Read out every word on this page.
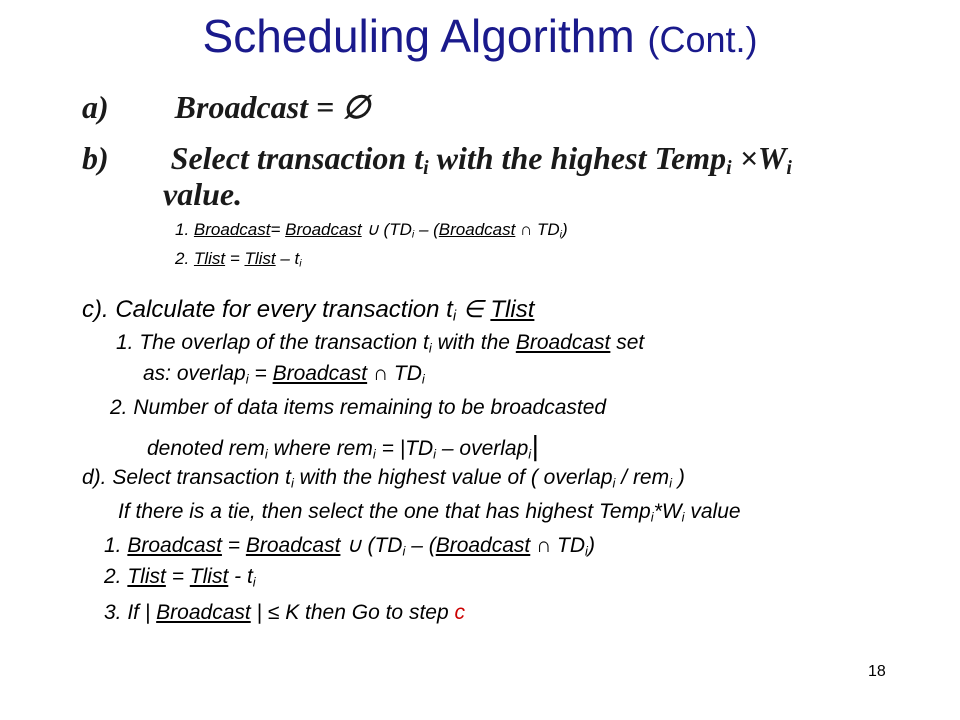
Scheduling Algorithm (Cont.)
a) Broadcast = ∅
b) Select transaction $t_i$ with the highest Temp$_i$ $\times W_i$
value.
1. Broadcast= Broadcast ∪ ($TD_i$ – (Broadcast ∩ $TD_i$)
2. Tlist = Tlist – $t_i$
c). Calculate for every transaction $t_i$ ∈ Tlist
1. The overlap of the transaction $t_i$ with the Broadcast set
as: overlap$_i$ = Broadcast ∩ $TD_i$
2. Number of data items remaining to be broadcasted
denoted rem$_i$ where $rem_i = |TD_i$ – overlap$_i$|
d). Select transaction $t_i$ with the highest value of ( overlap$_i$ / rem$_i$ )
If there is a tie, then select the one that has highest $Temp_i*W_i$ value
1. Broadcast = Broadcast ∪ ($TD_i$ – (Broadcast ∩ $TD_i$)
2. Tlist = Tlist - $t_i$
3. If | Broadcast | ≤ K then Go to step c
18
